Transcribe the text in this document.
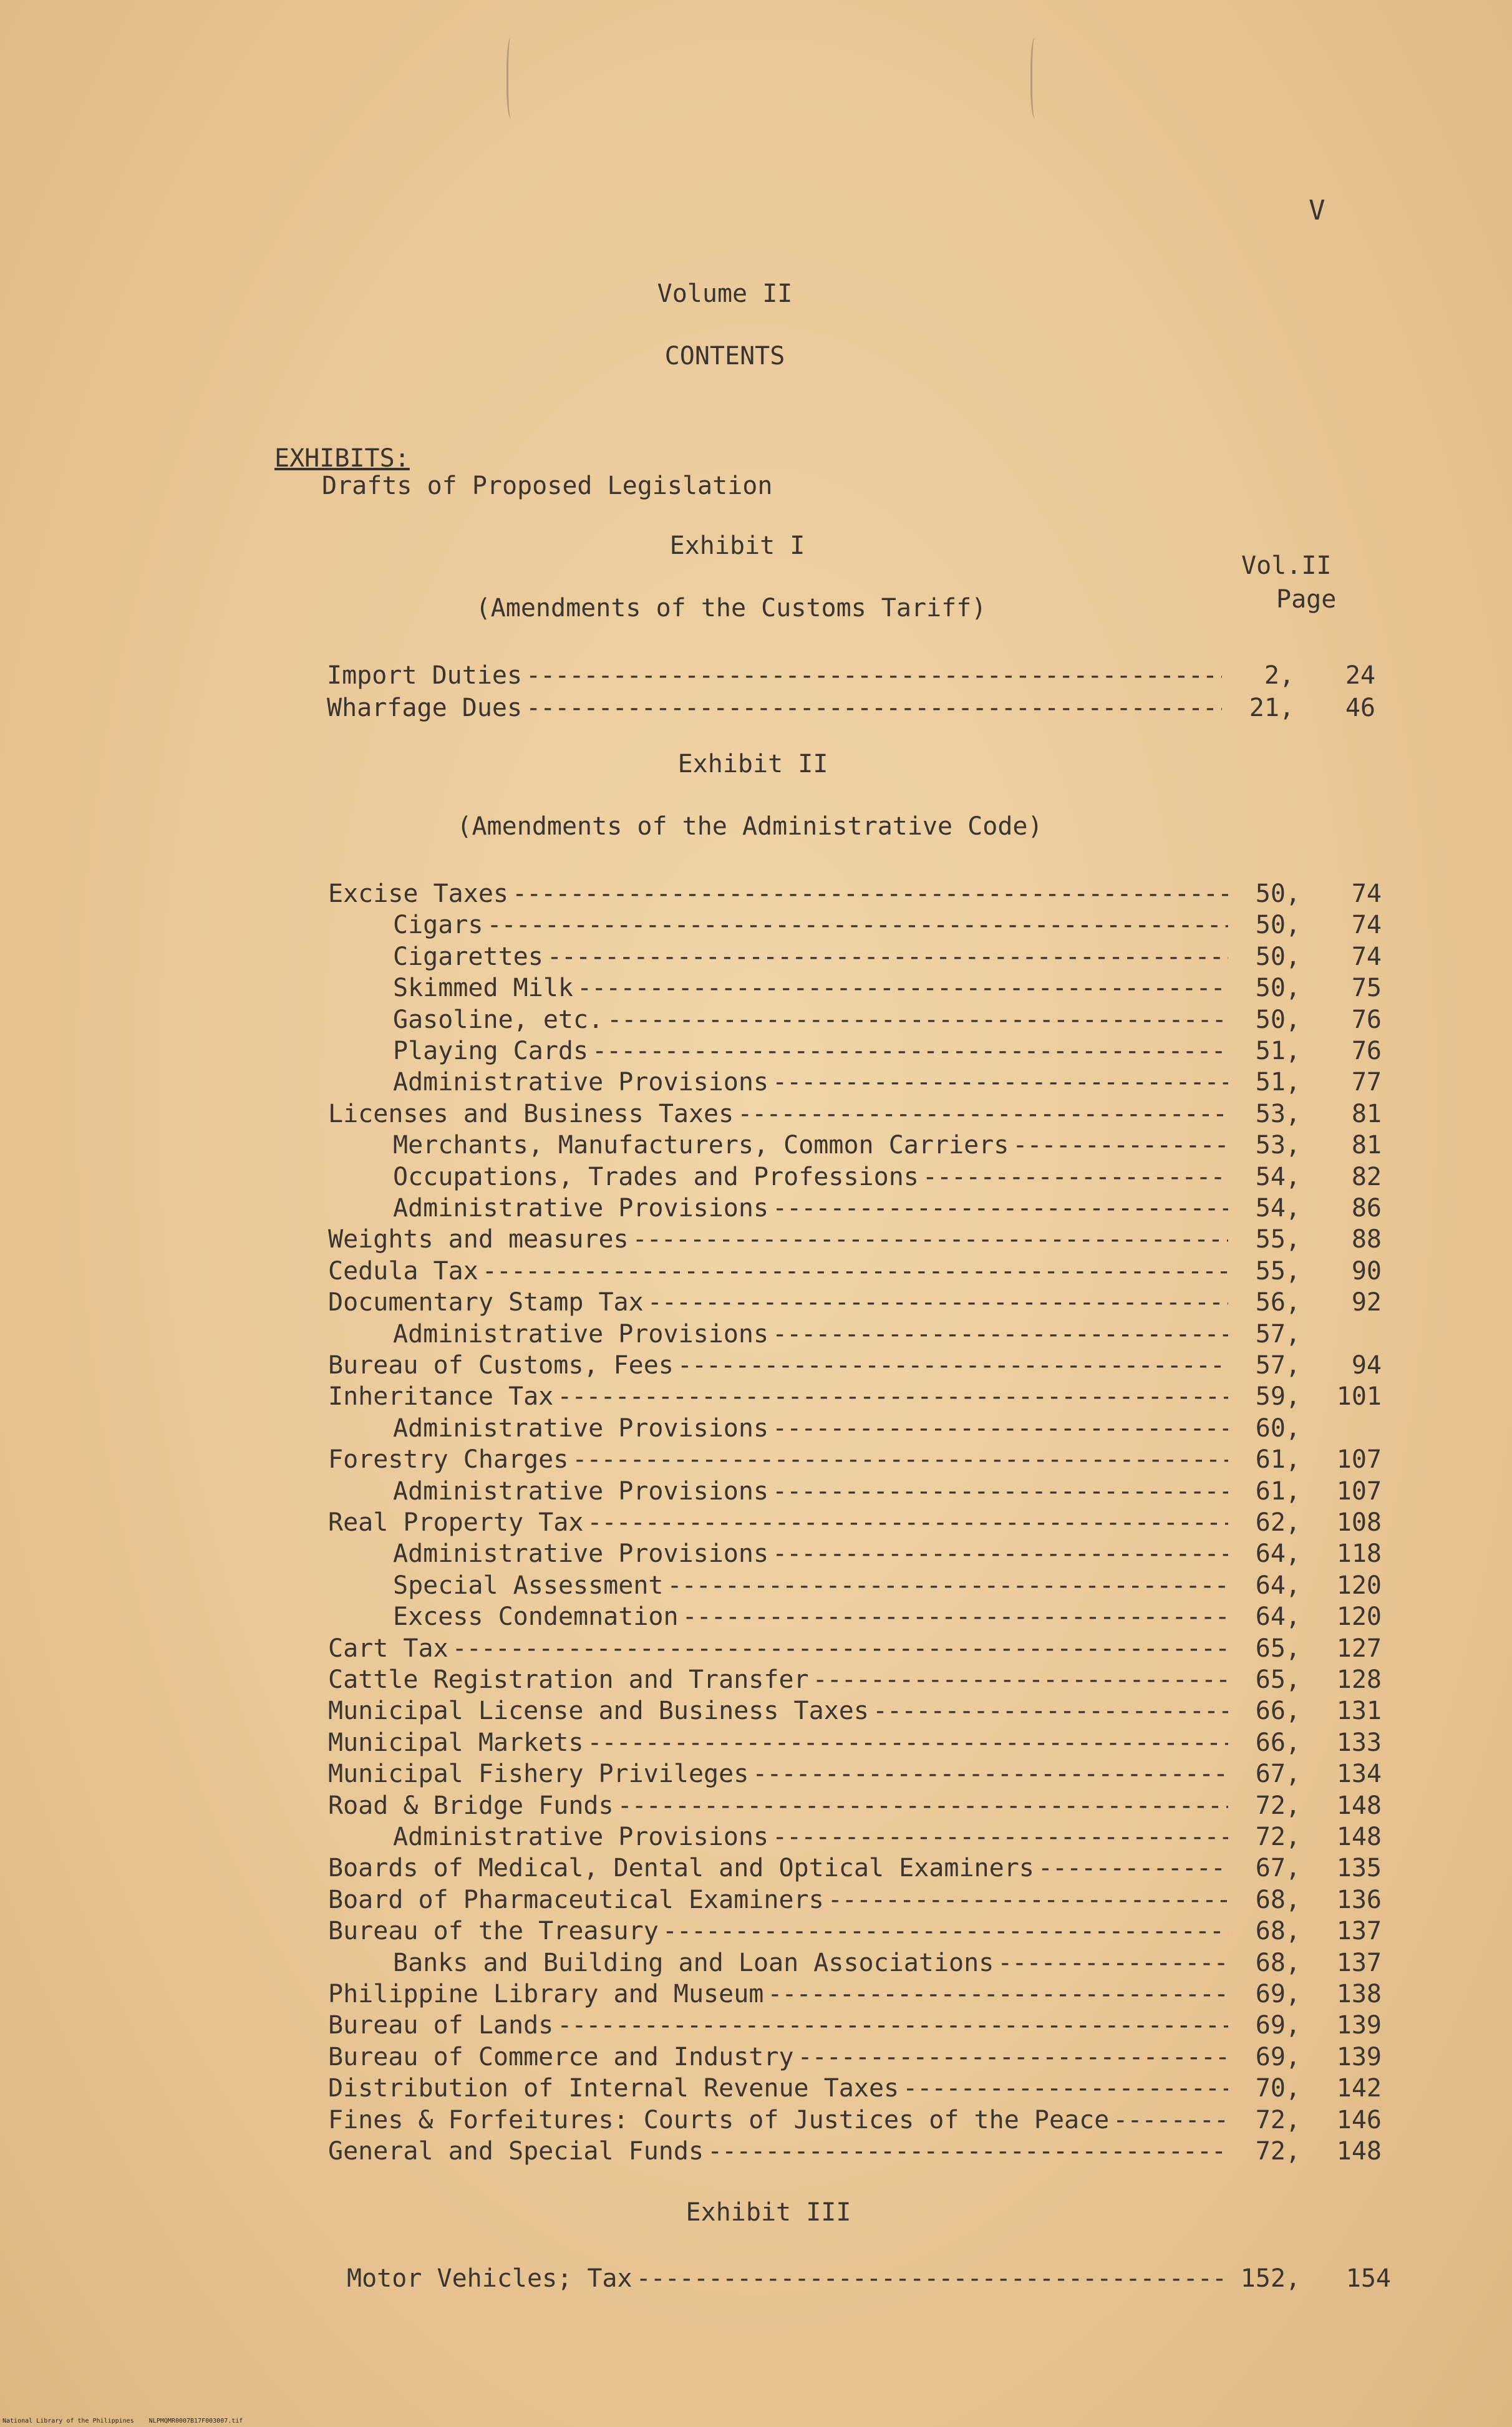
V
Volume II
CONTENTS
EXHIBITS:
Drafts of Proposed Legislation
Exhibit I
Vol.II
Page
(Amendments of the Customs Tariff)
Import Duties -----	2,	24
Wharfage Dues -----	21,	46
Exhibit II
(Amendments of the Administrative Code)
Excise Taxes -----	50,	74
Cigars -----	50,	74
Cigarettes -----	50,	74
Skimmed Milk -----	50,	75
Gasoline, etc. -----	50,	76
Playing Cards -----	51,	76
Administrative Provisions -----	51,	77
Licenses and Business Taxes -----	53,	81
Merchants, Manufacturers, Common Carriers -----	53,	81
Occupations, Trades and Professions -----	54,	82
Administrative Provisions -----	54,	86
Weights and measures -----	55,	88
Cedula Tax -----	55,	90
Documentary Stamp Tax -----	56,	92
Administrative Provisions -----	57,
Bureau of Customs, Fees -----	57,	94
Inheritance Tax -----	59,	101
Administrative Provisions -----	60,
Forestry Charges -----	61,	107
Administrative Provisions -----	61,	107
Real Property Tax -----	62,	108
Administrative Provisions -----	64,	118
Special Assessment -----	64,	120
Excess Condemnation -----	64,	120
Cart Tax -----	65,	127
Cattle Registration and Transfer -----	65,	128
Municipal License and Business Taxes -----	66,	131
Municipal Markets -----	66,	133
Municipal Fishery Privileges -----	67,	134
Road & Bridge Funds -----	72,	148
Administrative Provisions -----	72,	148
Boards of Medical, Dental and Optical Examiners -----	67,	135
Board of Pharmaceutical Examiners -----	68,	136
Bureau of the Treasury -----	68,	137
Banks and Building and Loan Associations -----	68,	137
Philippine Library and Museum -----	69,	138
Bureau of Lands -----	69,	139
Bureau of Commerce and Industry -----	69,	139
Distribution of Internal Revenue Taxes -----	70,	142
Fines & Forfeitures: Courts of Justices of the Peace -----	72,	146
General and Special Funds -----	72,	148
Exhibit III
Motor Vehicles; Tax -----	152,	154
National Library of the Philippines    NLPMQMR0007B17F003007.tif
